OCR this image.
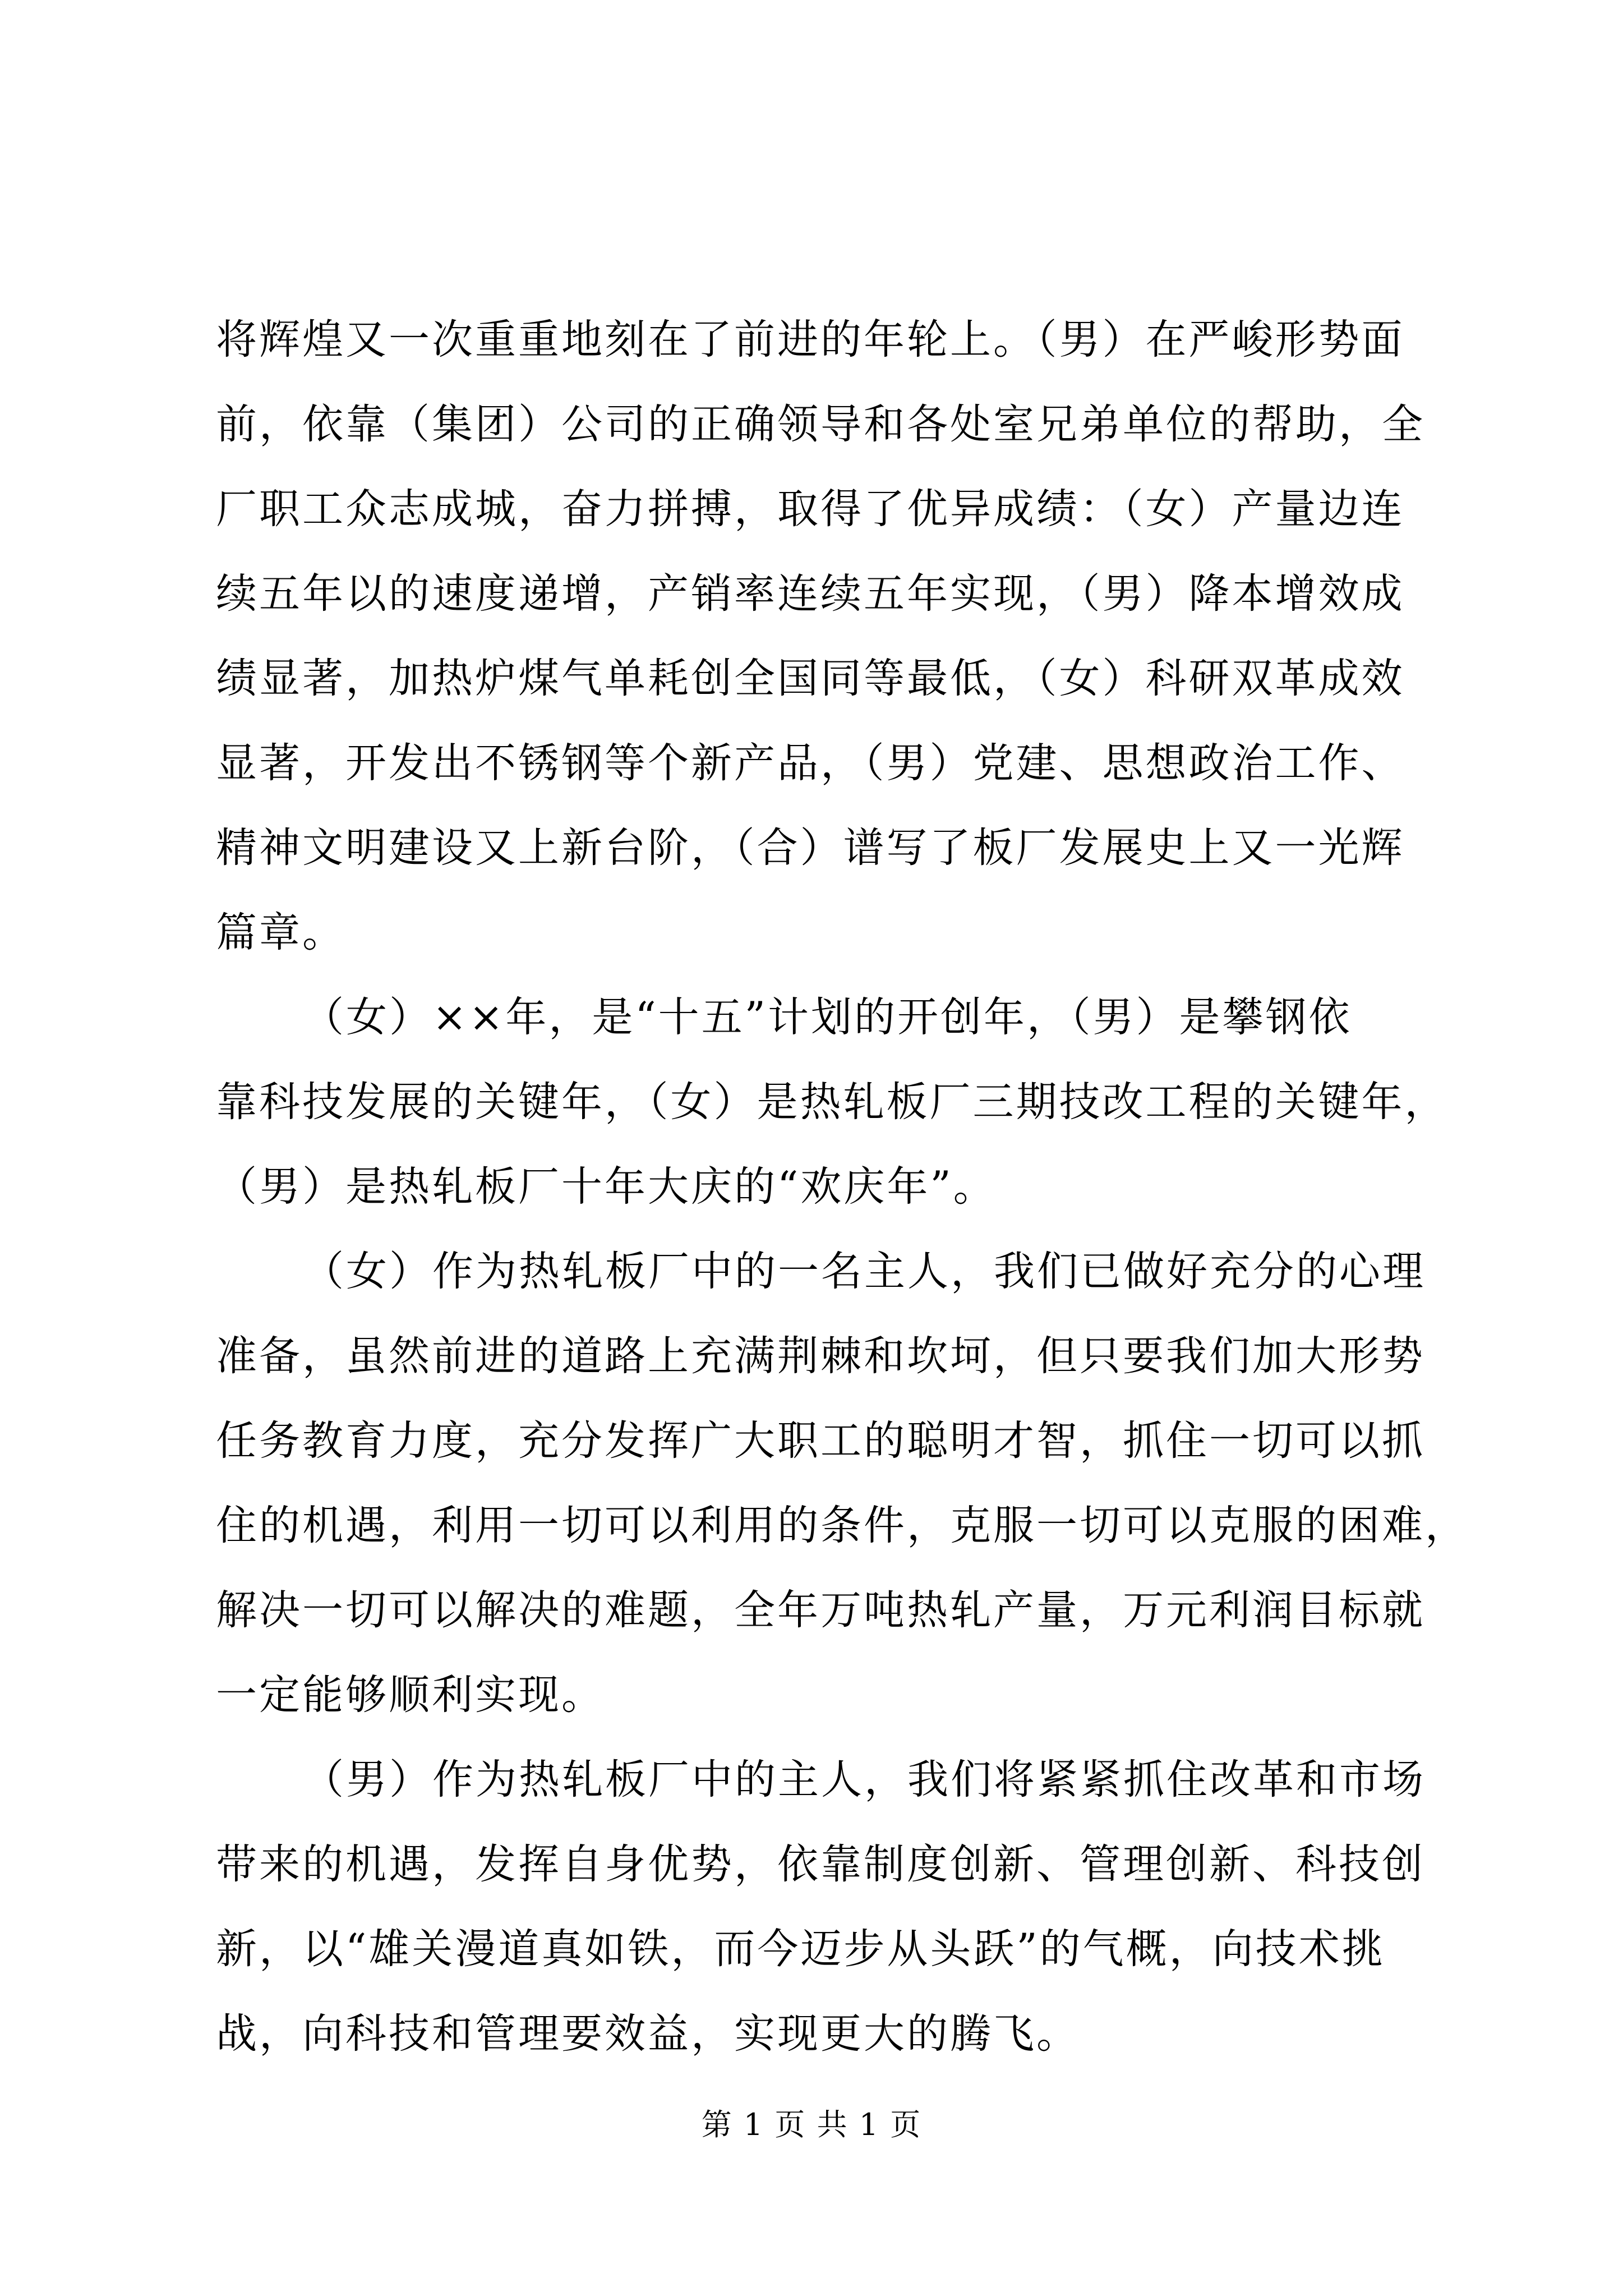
将辉煌又一次重重地刻在了前进的年轮上。（男）在严峻形势面
前，依靠（集团）公司的正确领导和各处室兄弟单位的帮助，全
厂职工众志成城，奋力拼搏，取得了优异成绩：（女）产量边连
续五年以的速度递增，产销率连续五年实现，（男）降本增效成
绩显著，加热炉煤气单耗创全国同等最低，（女）科研双革成效
显著，开发出不锈钢等个新产品，（男）党建、思想政治工作、
精神文明建设又上新台阶，（合）谱写了板厂发展史上又一光辉
篇章。
（女）××年，是“十五”计划的开创年，（男）是攀钢依
靠科技发展的关键年，（女）是热轧板厂三期技改工程的关键年，
（男）是热轧板厂十年大庆的“欢庆年”。
（女）作为热轧板厂中的一名主人，我们已做好充分的心理
准备，虽然前进的道路上充满荆棘和坎坷，但只要我们加大形势
任务教育力度，充分发挥广大职工的聪明才智，抓住一切可以抓
住的机遇，利用一切可以利用的条件，克服一切可以克服的困难，
解决一切可以解决的难题，全年万吨热轧产量，万元利润目标就
一定能够顺利实现。
（男）作为热轧板厂中的主人，我们将紧紧抓住改革和市场
带来的机遇，发挥自身优势，依靠制度创新、管理创新、科技创
新，以“雄关漫道真如铁，而今迈步从头跃”的气概，向技术挑
战，向科技和管理要效益，实现更大的腾飞。
第 1 页 共 1 页
